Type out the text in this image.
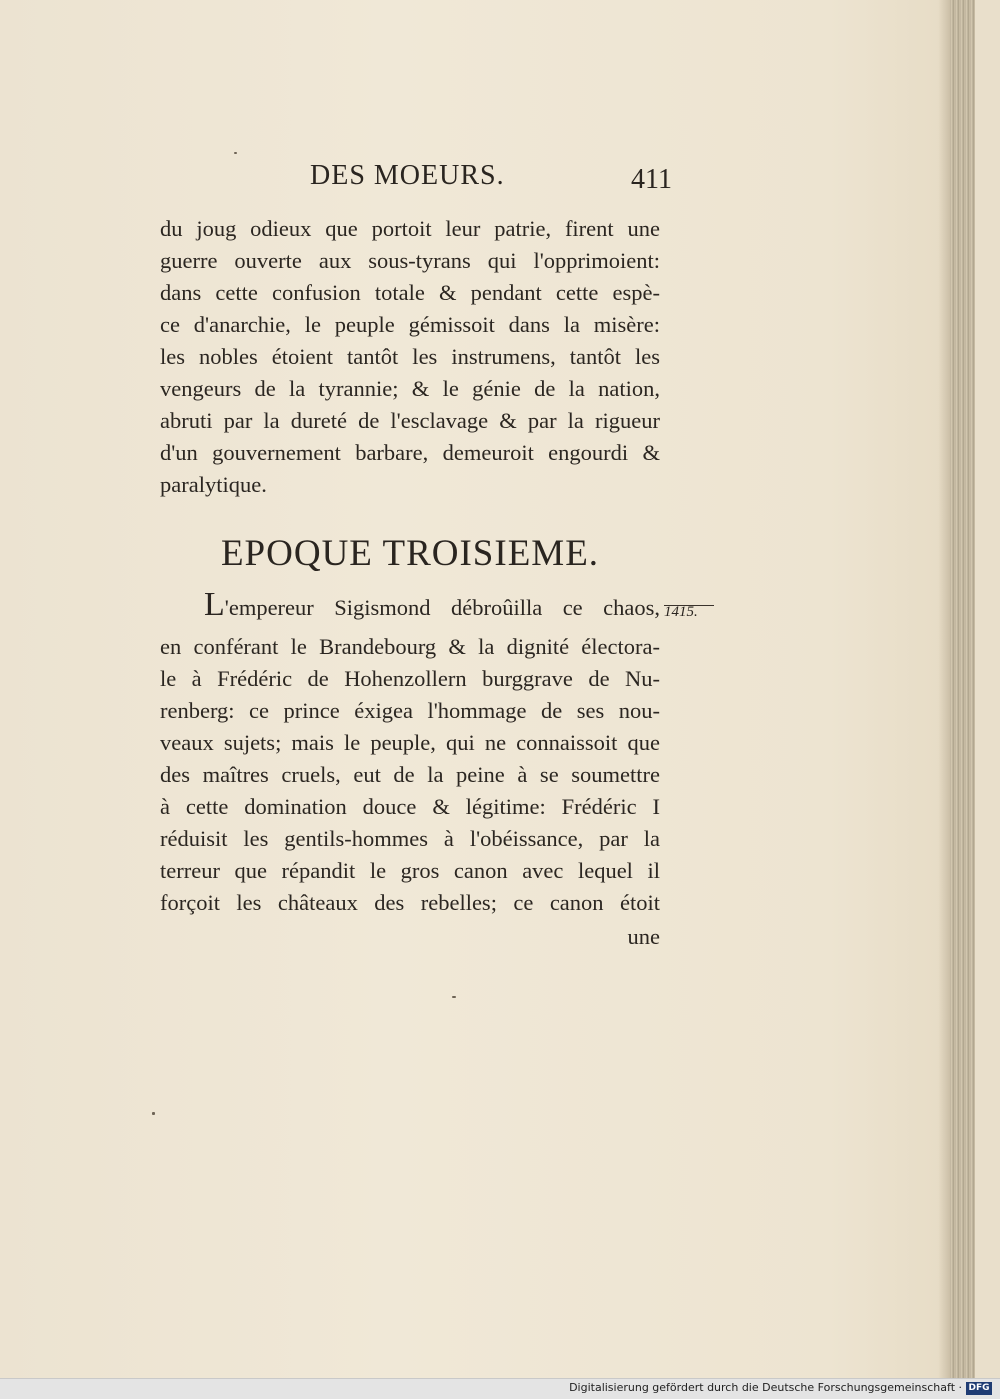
DES MOEURS.	411
du joug odieux que portoit leur patrie, firent une
guerre ouverte aux sous-tyrans qui l'opprimoient:
dans cette confusion totale & pendant cette espè-
ce d'anarchie, le peuple gémissoit dans la misère:
les nobles étoient tantôt les instrumens, tantôt les
vengeurs de la tyrannie; & le génie de la nation,
abruti par la dureté de l'esclavage & par la rigueur
d'un gouvernement barbare, demeuroit engourdi &
paralytique.
EPOQUE TROISIEME.
L'empereur Sigismond débroûilla ce chaos, 1415.
en conférant le Brandebourg & la dignité électora-
le à Frédéric de Hohenzollern burggrave de Nu-
renberg: ce prince éxigea l'hommage de ses nou-
veaux sujets; mais le peuple, qui ne connaissoit que
des maîtres cruels, eut de la peine à se soumettre
à cette domination douce & légitime: Frédéric I
réduisit les gentils-hommes à l'obéissance, par la
terreur que répandit le gros canon avec lequel il
forçoit les châteaux des rebelles; ce canon étoit
une
Digitalisierung gefördert durch die Deutsche Forschungsgemeinschaft · DFG
